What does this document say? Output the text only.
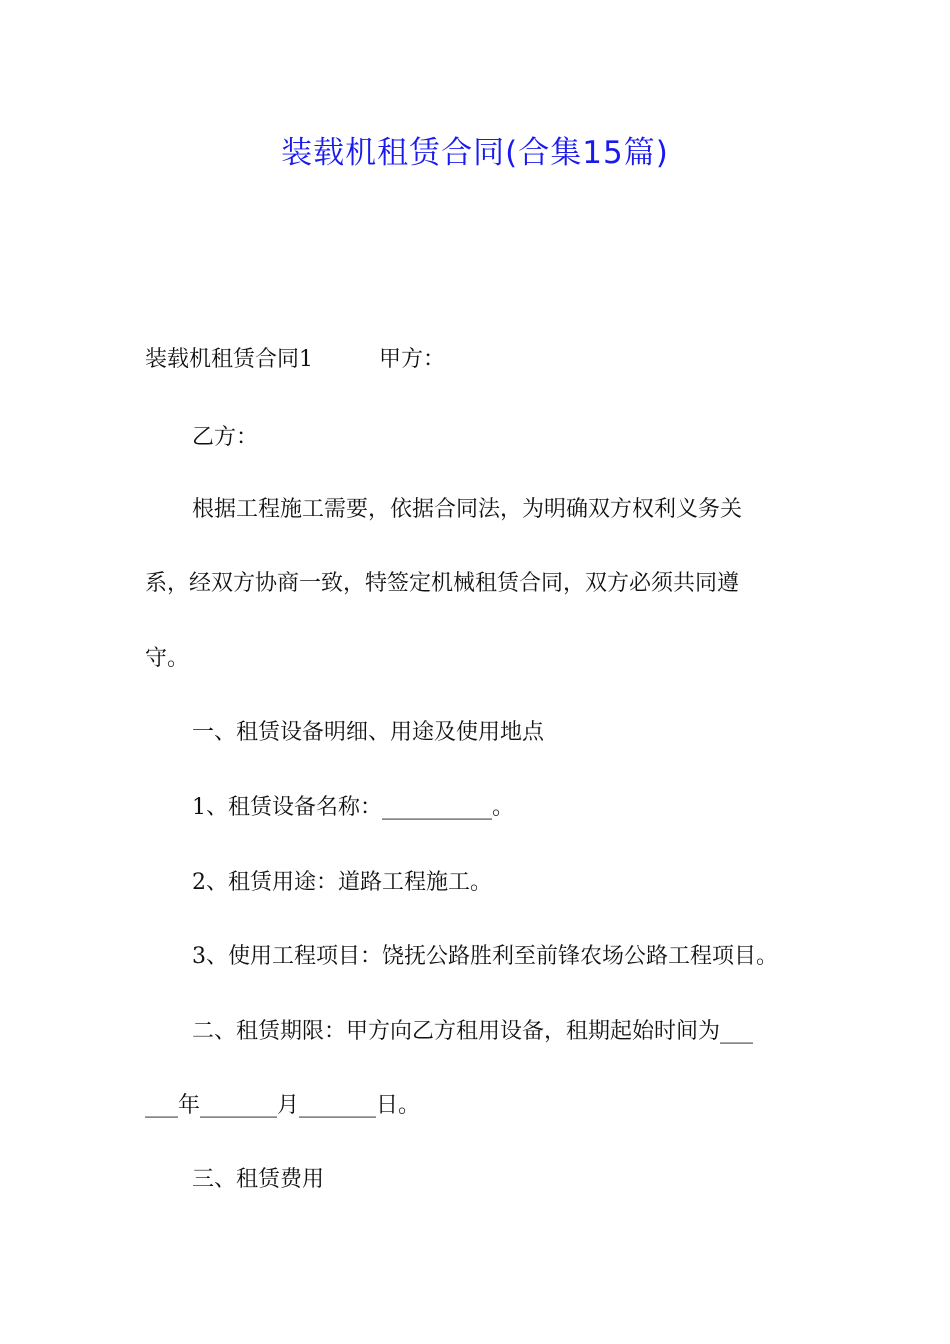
装载机租赁合同(合集15篇)
装载机租赁合同1　　　甲方：
乙方：
根据工程施工需要，依据合同法，为明确双方权利义务关
系，经双方协商一致，特签定机械租赁合同，双方必须共同遵
守。
一、租赁设备明细、用途及使用地点
1、租赁设备名称：__________。
2、租赁用途：道路工程施工。
3、使用工程项目：饶抚公路胜利至前锋农场公路工程项目。
二、租赁期限：甲方向乙方租用设备，租期起始时间为___
___年_______月_______日。
三、租赁费用
